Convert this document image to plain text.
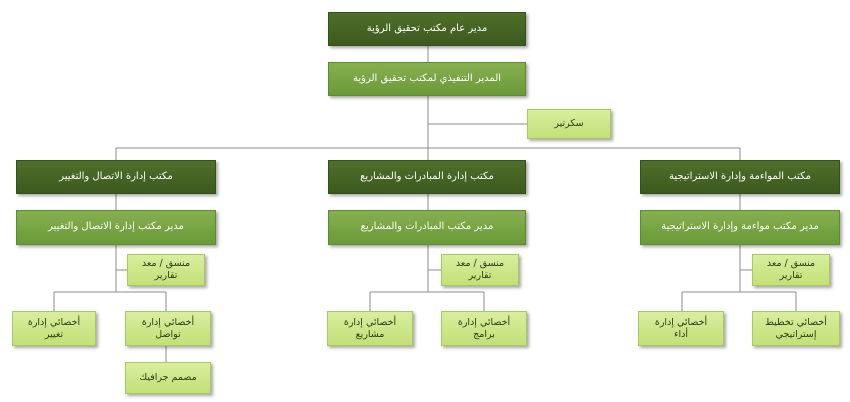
مدير عام مكتب تحقيق الرؤية
المدير التنفيذي لمكتب تحقيق الرؤية
سكرتير
مكتب إدارة الاتصال والتغيير
مدير مكتب إدارة الاتصال والتغيير
منسق / معد
تقارير
أخصائي إدارة
تواصل
أخصائي إدارة
تغيير
مصمم جرافيك
مكتب إدارة المبادرات والمشاريع
مدير مكتب المبادرات والمشاريع
منسق / معد
تقارير
أخصائي إدارة
برامج
أخصائي إدارة
مشاريع
مكتب المواءمة وإدارة الاستراتيجية
مدير مكتب مواءمة وإدارة الاستراتيجية
منسق / معد
تقارير
أخصائي تخطيط
إستراتيجي
أخصائي إدارة
أداء
